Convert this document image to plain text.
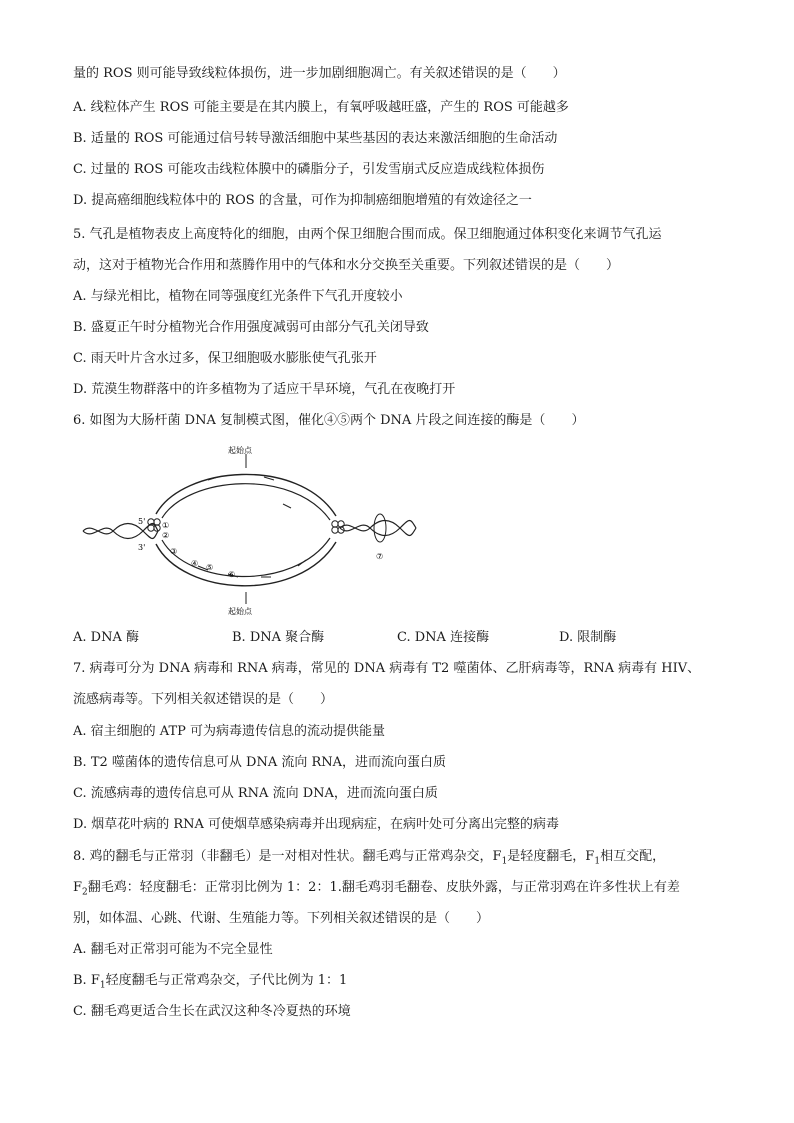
量的 ROS 则可能导致线粒体损伤，进一步加剧细胞凋亡。有关叙述错误的是（　　）
A. 线粒体产生 ROS 可能主要是在其内膜上，有氧呼吸越旺盛，产生的 ROS 可能越多
B. 适量的 ROS 可能通过信号转导激活细胞中某些基因的表达来激活细胞的生命活动
C. 过量的 ROS 可能攻击线粒体膜中的磷脂分子，引发雪崩式反应造成线粒体损伤
D. 提高癌细胞线粒体中的 ROS 的含量，可作为抑制癌细胞增殖的有效途径之一
5. 气孔是植物表皮上高度特化的细胞，由两个保卫细胞合围而成。保卫细胞通过体积变化来调节气孔运
动，这对于植物光合作用和蒸腾作用中的气体和水分交换至关重要。下列叙述错误的是（　　）
A. 与绿光相比，植物在同等强度红光条件下气孔开度较小
B. 盛夏正午时分植物光合作用强度减弱可由部分气孔关闭导致
C. 雨天叶片含水过多，保卫细胞吸水膨胀使气孔张开
D. 荒漠生物群落中的许多植物为了适应干旱环境，气孔在夜晚打开
6. 如图为大肠杆菌 DNA 复制模式图，催化④⑤两个 DNA 片段之间连接的酶是（　　）
起始点
起始点
5'
3'
①
②
③
④ ⑤
⑥
⑦
A. DNA 酶	B. DNA 聚合酶	C. DNA 连接酶	D. 限制酶
7. 病毒可分为 DNA 病毒和 RNA 病毒，常见的 DNA 病毒有 T2 噬菌体、乙肝病毒等，RNA 病毒有 HIV、
流感病毒等。下列相关叙述错误的是（　　）
A. 宿主细胞的 ATP 可为病毒遗传信息的流动提供能量
B. T2 噬菌体的遗传信息可从 DNA 流向 RNA，进而流向蛋白质
C. 流感病毒的遗传信息可从 RNA 流向 DNA，进而流向蛋白质
D. 烟草花叶病的 RNA 可使烟草感染病毒并出现病症，在病叶处可分离出完整的病毒
8. 鸡的翻毛与正常羽（非翻毛）是一对相对性状。翻毛鸡与正常鸡杂交，$F_1$是轻度翻毛，$F_1$相互交配，
$F_2$翻毛鸡：轻度翻毛：正常羽比例为 1：2：1.翻毛鸡羽毛翻卷、皮肤外露，与正常羽鸡在许多性状上有差
别，如体温、心跳、代谢、生殖能力等。下列相关叙述错误的是（　　）
A. 翻毛对正常羽可能为不完全显性
B. $F_1$轻度翻毛与正常鸡杂交，子代比例为 1：1
C. 翻毛鸡更适合生长在武汉这种冬冷夏热的环境
